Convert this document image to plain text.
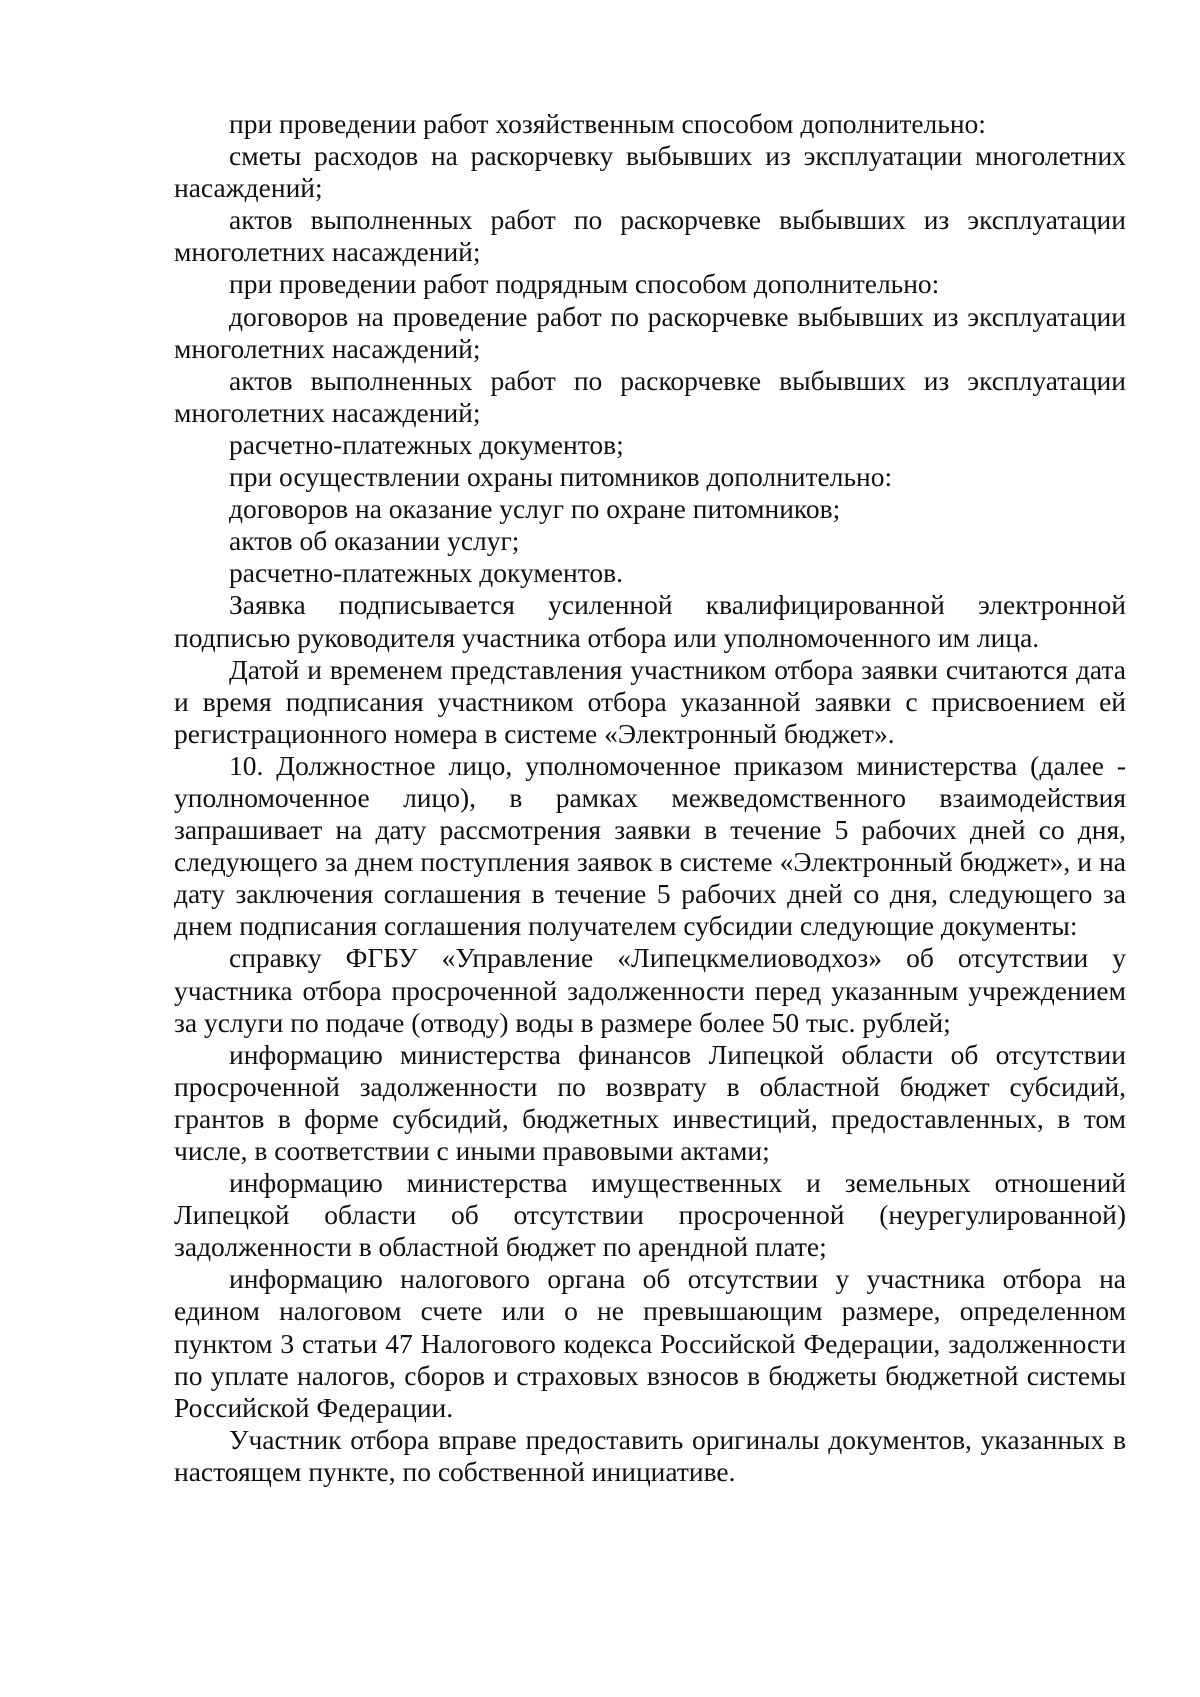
при проведении работ хозяйственным способом дополнительно:

сметы расходов на раскорчевку выбывших из эксплуатации многолетних насаждений;

актов выполненных работ по раскорчевке выбывших из эксплуатации многолетних насаждений;

при проведении работ подрядным способом дополнительно:

договоров на проведение работ по раскорчевке выбывших из эксплуатации многолетних насаждений;

актов выполненных работ по раскорчевке выбывших из эксплуатации многолетних насаждений;

расчетно-платежных документов;

при осуществлении охраны питомников дополнительно:

договоров на оказание услуг по охране питомников;

актов об оказании услуг;

расчетно-платежных документов.

Заявка подписывается усиленной квалифицированной электронной подписью руководителя участника отбора или уполномоченного им лица.

Датой и временем представления участником отбора заявки считаются дата и время подписания участником отбора указанной заявки с присвоением ей регистрационного номера в системе «Электронный бюджет».

10. Должностное лицо, уполномоченное приказом министерства (далее - уполномоченное лицо), в рамках межведомственного взаимодействия запрашивает на дату рассмотрения заявки в течение 5 рабочих дней со дня, следующего за днем поступления заявок в системе «Электронный бюджет», и на дату заключения соглашения в течение 5 рабочих дней со дня, следующего за днем подписания соглашения получателем субсидии следующие документы:

справку ФГБУ «Управление «Липецкмелиоводхоз» об отсутствии у участника отбора просроченной задолженности перед указанным учреждением за услуги по подаче (отводу) воды в размере более 50 тыс. рублей;

информацию министерства финансов Липецкой области об отсутствии просроченной задолженности по возврату в областной бюджет субсидий, грантов в форме субсидий, бюджетных инвестиций, предоставленных, в том числе, в соответствии с иными правовыми актами;

информацию министерства имущественных и земельных отношений Липецкой области об отсутствии просроченной (неурегулированной) задолженности в областной бюджет по арендной плате;

информацию налогового органа об отсутствии у участника отбора на едином налоговом счете или о не превышающим размере, определенном пунктом 3 статьи 47 Налогового кодекса Российской Федерации, задолженности по уплате налогов, сборов и страховых взносов в бюджеты бюджетной системы Российской Федерации.

Участник отбора вправе предоставить оригиналы документов, указанных в настоящем пункте, по собственной инициативе.
